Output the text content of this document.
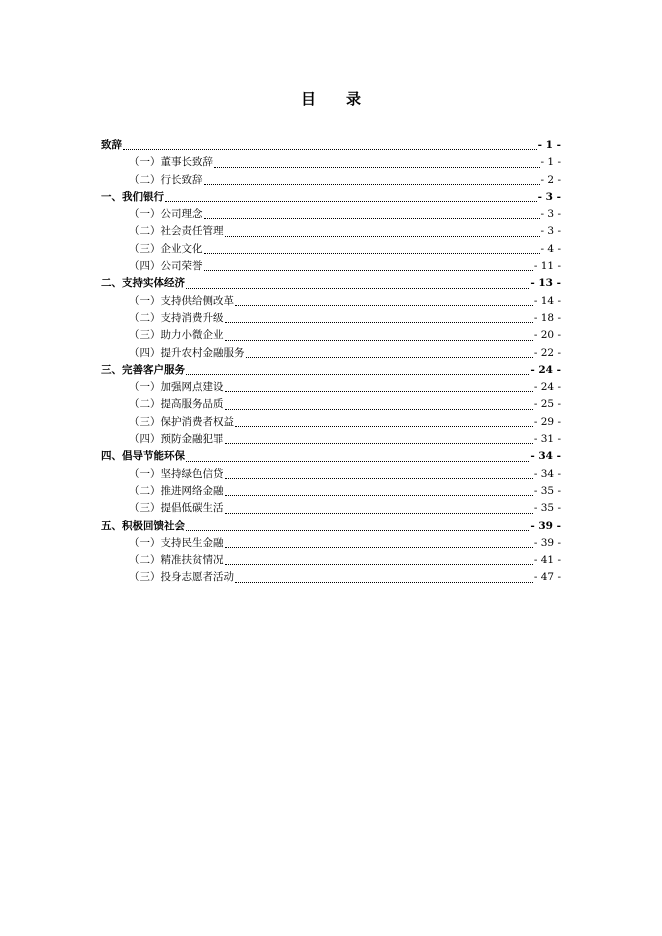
目 录
致辞	- 1 -
（一）董事长致辞	- 1 -
（二）行长致辞	- 2 -
一、我们银行	- 3 -
（一）公司理念	- 3 -
（二）社会责任管理	- 3 -
（三）企业文化	- 4 -
（四）公司荣誉	- 11 -
二、支持实体经济	- 13 -
（一）支持供给侧改革	- 14 -
（二）支持消费升级	- 18 -
（三）助力小微企业	- 20 -
（四）提升农村金融服务	- 22 -
三、完善客户服务	- 24 -
（一）加强网点建设	- 24 -
（二）提高服务品质	- 25 -
（三）保护消费者权益	- 29 -
（四）预防金融犯罪	- 31 -
四、倡导节能环保	- 34 -
（一）坚持绿色信贷	- 34 -
（二）推进网络金融	- 35 -
（三）提倡低碳生活	- 35 -
五、积极回馈社会	- 39 -
（一）支持民生金融	- 39 -
（二）精准扶贫情况	- 41 -
（三）投身志愿者活动	- 47 -
